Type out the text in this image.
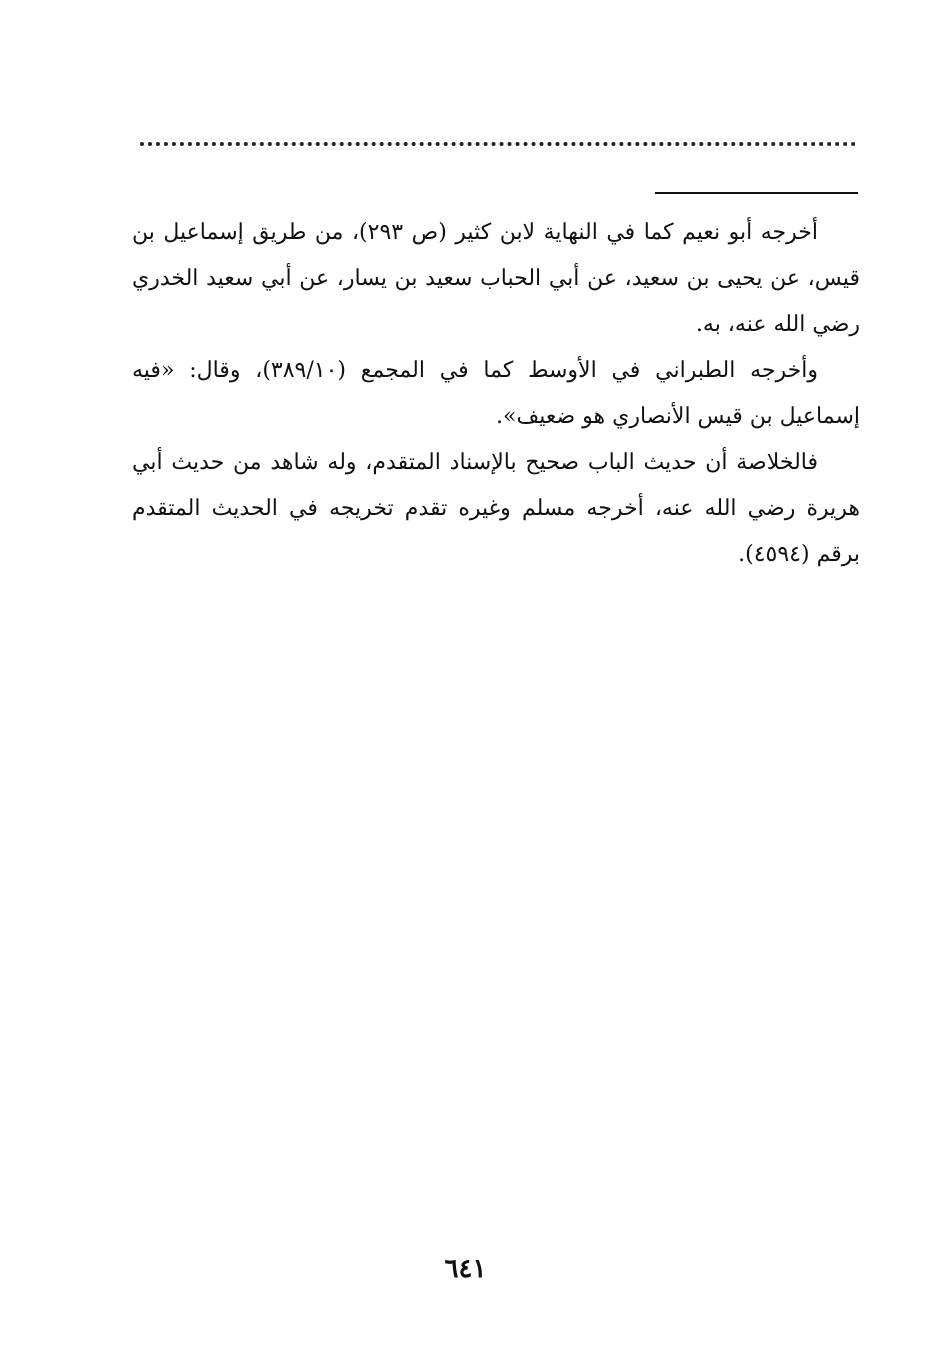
أخرجه أبو نعيم كما في النهاية لابن كثير (ص ٢٩٣)، من طريق إسماعيل بن قيس، عن يحيى بن سعيد، عن أبي الحباب سعيد بن يسار، عن أبي سعيد الخدري رضي الله عنه، به.

وأخرجه الطبراني في الأوسط كما في المجمع (٣٨٩/١٠)، وقال: «فيه إسماعيل بن قيس الأنصاري هو ضعيف».

فالخلاصة أن حديث الباب صحيح بالإسناد المتقدم، وله شاهد من حديث أبي هريرة رضي الله عنه، أخرجه مسلم وغيره تقدم تخريجه في الحديث المتقدم برقم (٤٥٩٤).

٦٤١
